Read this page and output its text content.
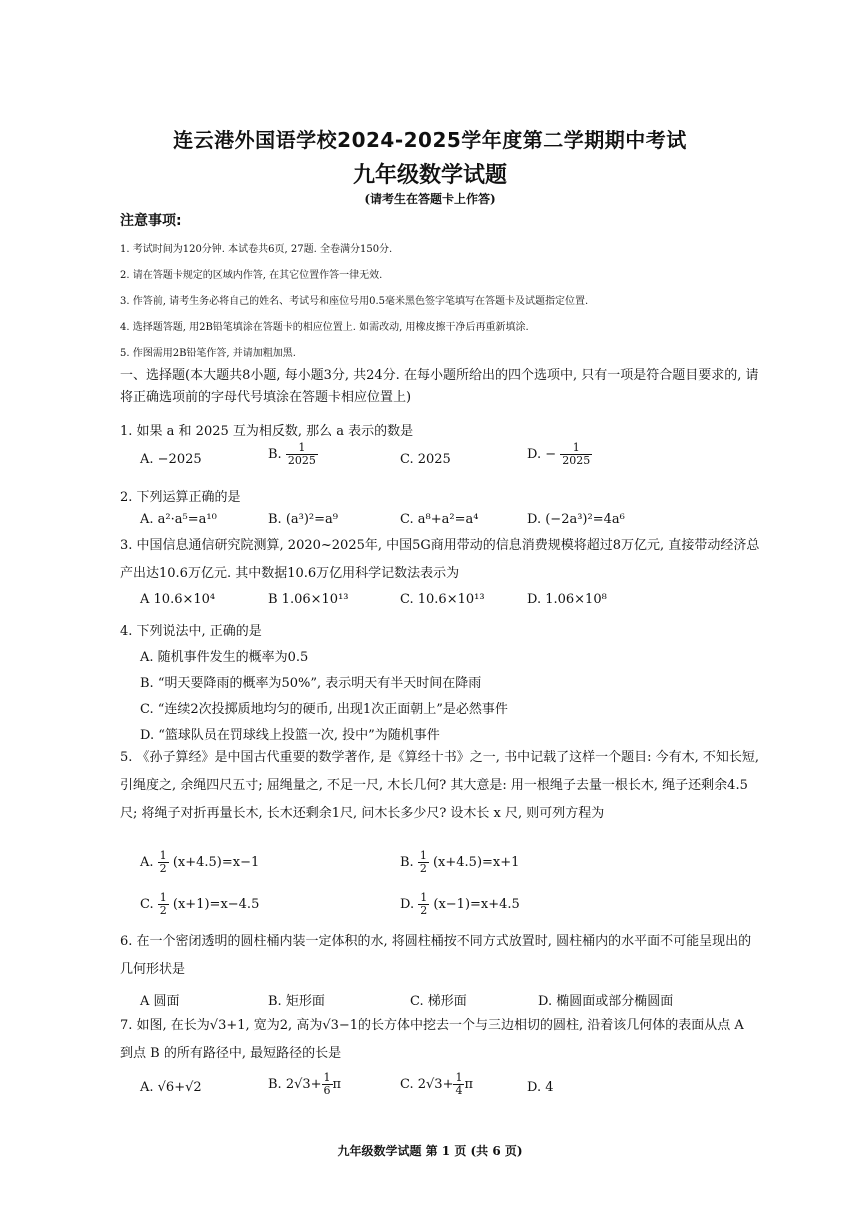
连云港外国语学校2024-2025学年度第二学期期中考试
九年级数学试题
(请考生在答题卡上作答)
注意事项:
1. 考试时间为120分钟. 本试卷共6页, 27题. 全卷满分150分.
2. 请在答题卡规定的区域内作答, 在其它位置作答一律无效.
3. 作答前, 请考生务必将自己的姓名、考试号和座位号用0.5毫米黑色签字笔填写在答题卡及试题指定位置.
4. 选择题答题, 用2B铅笔填涂在答题卡的相应位置上. 如需改动, 用橡皮擦干净后再重新填涂.
5. 作图需用2B铅笔作答, 并请加粗加黑.
一、选择题(本大题共8小题, 每小题3分, 共24分. 在每小题所给出的四个选项中, 只有一项是符合题目要求的, 请将正确选项前的字母代号填涂在答题卡相应位置上)
1. 如果 a 和 2025 互为相反数, 那么 a 表示的数是
A. −2025	B. $\frac{1}{2025}$	C. 2025	D. − $\frac{1}{2025}$
2. 下列运算正确的是
A. a²·a⁵=a¹⁰	B. (a³)²=a⁹	C. a⁸+a²=a⁴	D. (−2a³)²=4a⁶
3. 中国信息通信研究院测算, 2020~2025年, 中国5G商用带动的信息消费规模将超过8万亿元, 直接带动经济总产出达10.6万亿元. 其中数据10.6万亿用科学记数法表示为
A 10.6×10⁴	B 1.06×10¹³	C. 10.6×10¹³	D. 1.06×10⁸
4. 下列说法中, 正确的是
A. 随机事件发生的概率为0.5
B. “明天要降雨的概率为50%”, 表示明天有半天时间在降雨
C. “连续2次投掷质地均匀的硬币, 出现1次正面朝上”是必然事件
D. “篮球队员在罚球线上投篮一次, 投中”为随机事件
5. 《孙子算经》是中国古代重要的数学著作, 是《算经十书》之一, 书中记载了这样一个题目: 今有木, 不知长短, 引绳度之, 余绳四尺五寸; 屈绳量之, 不足一尺, 木长几何? 其大意是: 用一根绳子去量一根长木, 绳子还剩余4.5尺; 将绳子对折再量长木, 长木还剩余1尺, 问木长多少尺? 设木长 x 尺, 则可列方程为
A. $\frac{1}{2} (x+4.5)=x-1$	B. $\frac{1}{2} (x+4.5)=x+1$
C. $\frac{1}{2} (x+1)=x-4.5$	D. $\frac{1}{2} (x-1)=x+4.5$
6. 在一个密闭透明的圆柱桶内装一定体积的水, 将圆柱桶按不同方式放置时, 圆柱桶内的水平面不可能呈现出的几何形状是
A 圆面	B. 矩形面	C. 梯形面	D. 椭圆面或部分椭圆面
7. 如图, 在长为√3+1, 宽为2, 高为√3−1的长方体中挖去一个与三边相切的圆柱, 沿着该几何体的表面从点 A 到点 B 的所有路径中, 最短路径的长是
A. √6+√2	B. $2√3+ \frac{1}{6}$ π	C. $2√3+ \frac{1}{4}$ π	D. 4
九年级数学试题 第 1 页 (共 6 页)
